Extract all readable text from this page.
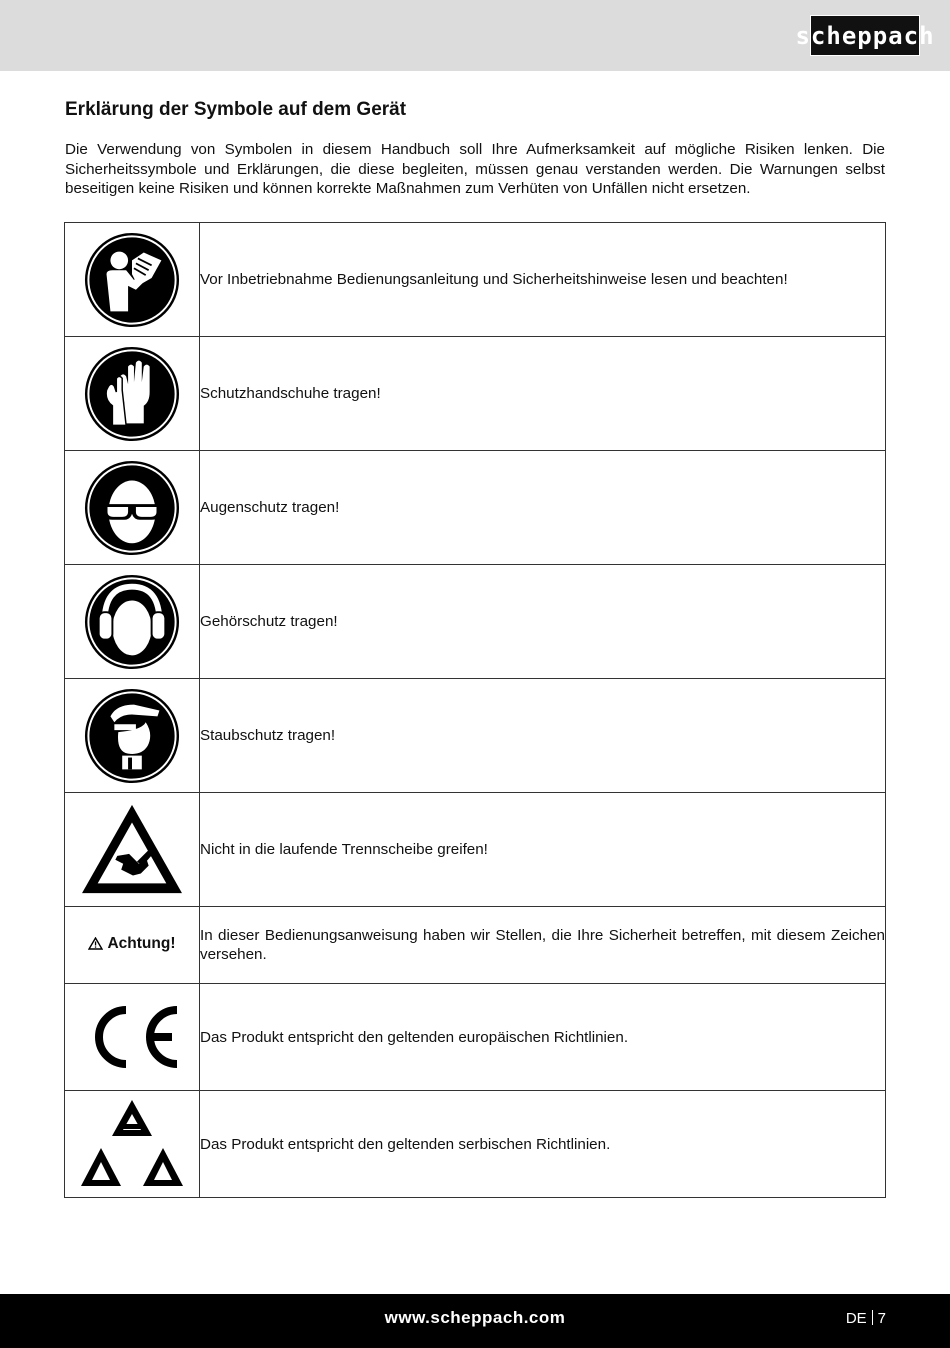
scheppach
Erklärung der Symbole auf dem Gerät

Die Verwendung von Symbolen in diesem Handbuch soll Ihre Aufmerksamkeit auf mögliche Risiken lenken. Die Sicherheitssymbole und Erklärungen, die diese begleiten, müssen genau verstanden werden. Die Warnungen selbst beseitigen keine Risiken und können korrekte Maßnahmen zum Verhüten von Unfällen nicht ersetzen.

	Vor Inbetriebnahme Bedienungsanleitung und Sicherheitshinweise lesen und beachten!

	Schutzhandschuhe tragen!

	Augenschutz tragen!

	Gehörschutz tragen!

	Staubschutz tragen!

	Nicht in die laufende Trennscheibe greifen!

Achtung!	In dieser Bedienungsanweisung haben wir Stellen, die Ihre Sicherheit betreffen, mit diesem Zeichen versehen.

	Das Produkt entspricht den geltenden europäischen Richtlinien.

	Das Produkt entspricht den geltenden serbischen Richtlinien.
www.scheppach.com	DE 7
